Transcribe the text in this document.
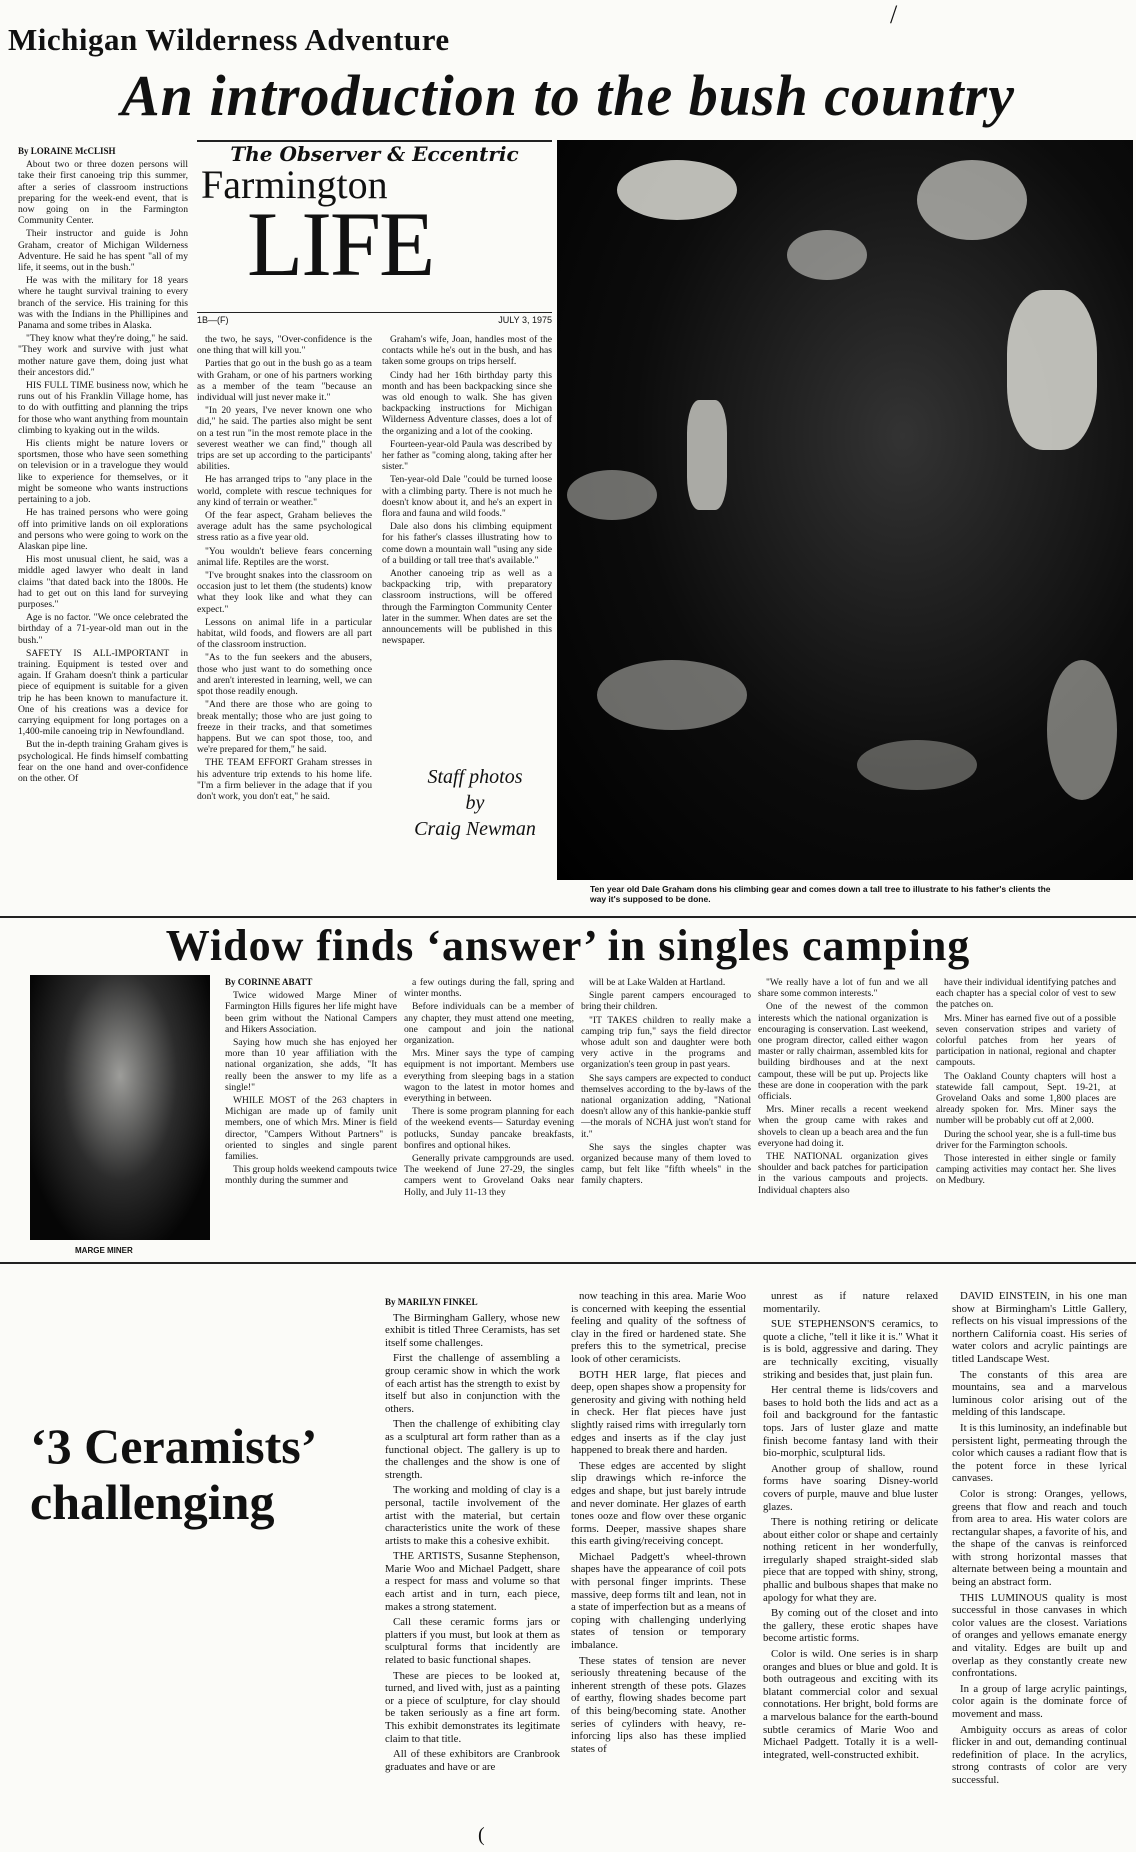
/
Michigan Wilderness Adventure
An introduction to the bush country

By LORAINE McCLISH

About two or three dozen persons will take their first canoeing trip this summer, after a series of classroom instructions preparing for the week-end event, that is now going on in the Farmington Community Center.

Their instructor and guide is John Graham, creator of Michigan Wilderness Adventure. He said he has spent "all of my life, it seems, out in the bush."

He was with the military for 18 years where he taught survival training to every branch of the service. His training for this was with the Indians in the Phillipines and Panama and some tribes in Alaska.

"They know what they're doing," he said. "They work and survive with just what mother nature gave them, doing just what their ancestors did."

HIS FULL TIME business now, which he runs out of his Franklin Village home, has to do with outfitting and planning the trips for those who want anything from mountain climbing to kyaking out in the wilds.

His clients might be nature lovers or sportsmen, those who have seen something on television or in a travelogue they would like to experience for themselves, or it might be someone who wants instructions pertaining to a job.

He has trained persons who were going off into primitive lands on oil explorations and persons who were going to work on the Alaskan pipe line.

His most unusual client, he said, was a middle aged lawyer who dealt in land claims "that dated back into the 1800s. He had to get out on this land for surveying purposes."

Age is no factor. "We once celebrated the birthday of a 71-year-old man out in the bush."

SAFETY IS ALL-IMPORTANT in training. Equipment is tested over and again. If Graham doesn't think a particular piece of equipment is suitable for a given trip he has been known to manufacture it. One of his creations was a device for carrying equipment for long portages on a 1,400-mile canoeing trip in Newfoundland.

But the in-depth training Graham gives is psychological. He finds himself combatting fear on the one hand and over-confidence on the other. Of

The Observer & Eccentric
Farmington
LIFE
1B—(F)	JULY 3, 1975

the two, he says, "Over-confidence is the one thing that will kill you."

Parties that go out in the bush go as a team with Graham, or one of his partners working as a member of the team "because an individual will just never make it."

"In 20 years, I've never known one who did," he said. The parties also might be sent on a test run "in the most remote place in the severest weather we can find," though all trips are set up according to the participants' abilities.

He has arranged trips to "any place in the world, complete with rescue techniques for any kind of terrain or weather."

Of the fear aspect, Graham believes the average adult has the same psychological stress ratio as a five year old.

"You wouldn't believe fears concerning animal life. Reptiles are the worst.

"I've brought snakes into the classroom on occasion just to let them (the students) know what they look like and what they can expect."

Lessons on animal life in a particular habitat, wild foods, and flowers are all part of the classroom instruction.

"As to the fun seekers and the abusers, those who just want to do something once and aren't interested in learning, well, we can spot those readily enough.

"And there are those who are going to break mentally; those who are just going to freeze in their tracks, and that sometimes happens. But we can spot those, too, and we're prepared for them," he said.

THE TEAM EFFORT Graham stresses in his adventure trip extends to his home life. "I'm a firm believer in the adage that if you don't work, you don't eat," he said.

Graham's wife, Joan, handles most of the contacts while he's out in the bush, and has taken some groups on trips herself.

Cindy had her 16th birthday party this month and has been backpacking since she was old enough to walk. She has given backpacking instructions for Michigan Wilderness Adventure classes, does a lot of the organizing and a lot of the cooking.

Fourteen-year-old Paula was described by her father as "coming along, taking after her sister."

Ten-year-old Dale "could be turned loose with a climbing party. There is not much he doesn't know about it, and he's an expert in flora and fauna and wild foods."

Dale also dons his climbing equipment for his father's classes illustrating how to come down a mountain wall "using any side of a building or tall tree that's available."

Another canoeing trip as well as a backpacking trip, with preparatory classroom instructions, will be offered through the Farmington Community Center later in the summer. When dates are set the announcements will be published in this newspaper.

Staff photos
by
Craig Newman
Ten year old Dale Graham dons his climbing gear and comes down a tall tree to illustrate to his father's clients the way it's supposed to be done.
Widow finds ‘answer’ in singles camping
MARGE MINER

By CORINNE ABATT

Twice widowed Marge Miner of Farmington Hills figures her life might have been grim without the National Campers and Hikers Association.

Saying how much she has enjoyed her more than 10 year affiliation with the national organization, she adds, "It has really been the answer to my life as a single!"

WHILE MOST of the 263 chapters in Michigan are made up of family unit members, one of which Mrs. Miner is field director, "Campers Without Partners" is oriented to singles and single parent families.

This group holds weekend campouts twice monthly during the summer and

a few outings during the fall, spring and winter months.

Before individuals can be a member of any chapter, they must attend one meeting, one campout and join the national organization.

Mrs. Miner says the type of camping equipment is not important. Members use everything from sleeping bags in a station wagon to the latest in motor homes and everything in between.

There is some program planning for each of the weekend events— Saturday evening potlucks, Sunday pancake breakfasts, bonfires and optional hikes.

Generally private campgrounds are used. The weekend of June 27-29, the singles campers went to Groveland Oaks near Holly, and July 11-13 they

will be at Lake Walden at Hartland.

Single parent campers encouraged to bring their children.

"IT TAKES children to really make a camping trip fun," says the field director whose adult son and daughter were both very active in the programs and organization's teen group in past years.

She says campers are expected to conduct themselves according to the by-laws of the national organization adding, "National doesn't allow any of this hankie-pankie stuff—the morals of NCHA just won't stand for it."

She says the singles chapter was organized because many of them loved to camp, but felt like "fifth wheels" in the family chapters.

"We really have a lot of fun and we all share some common interests."

One of the newest of the common interests which the national organization is encouraging is conservation. Last weekend, one program director, called either wagon master or rally chairman, assembled kits for building birdhouses and at the next campout, these will be put up. Projects like these are done in cooperation with the park officials.

Mrs. Miner recalls a recent weekend when the group came with rakes and shovels to clean up a beach area and the fun everyone had doing it.

THE NATIONAL organization gives shoulder and back patches for participation in the various campouts and projects. Individual chapters also

have their individual identifying patches and each chapter has a special color of vest to sew the patches on.

Mrs. Miner has earned five out of a possible seven conservation stripes and variety of colorful patches from her years of participation in national, regional and chapter campouts.

The Oakland County chapters will host a statewide fall campout, Sept. 19-21, at Groveland Oaks and some 1,800 places are already spoken for. Mrs. Miner says the number will be probably cut off at 2,000.

During the school year, she is a full-time bus driver for the Farmington schools.

Those interested in either single or family camping activities may contact her. She lives on Medbury.

‘3 Ceramists’
challenging

By MARILYN FINKEL

The Birmingham Gallery, whose new exhibit is titled Three Ceramists, has set itself some challenges.

First the challenge of assembling a group ceramic show in which the work of each artist has the strength to exist by itself but also in conjunction with the others.

Then the challenge of exhibiting clay as a sculptural art form rather than as a functional object. The gallery is up to the challenges and the show is one of strength.

The working and molding of clay is a personal, tactile involvement of the artist with the material, but certain characteristics unite the work of these artists to make this a cohesive exhibit.

THE ARTISTS, Susanne Stephenson, Marie Woo and Michael Padgett, share a respect for mass and volume so that each artist and in turn, each piece, makes a strong statement.

Call these ceramic forms jars or platters if you must, but look at them as sculptural forms that incidently are related to basic functional shapes.

These are pieces to be looked at, turned, and lived with, just as a painting or a piece of sculpture, for clay should be taken seriously as a fine art form. This exhibit demonstrates its legitimate claim to that title.

All of these exhibitors are Cranbrook graduates and have or are

now teaching in this area. Marie Woo is concerned with keeping the essential feeling and quality of the softness of clay in the fired or hardened state. She prefers this to the symetrical, precise look of other ceramicists.

BOTH HER large, flat pieces and deep, open shapes show a propensity for generosity and giving with nothing held in check. Her flat pieces have just slightly raised rims with irregularly torn edges and inserts as if the clay just happened to break there and harden.

These edges are accented by slight slip drawings which re-inforce the edges and shape, but just barely intrude and never dominate. Her glazes of earth tones ooze and flow over these organic forms. Deeper, massive shapes share this earth giving/receiving concept.

Michael Padgett's wheel-thrown shapes have the appearance of coil pots with personal finger imprints. These massive, deep forms tilt and lean, not in a state of imperfection but as a means of coping with challenging underlying states of tension or temporary imbalance.

These states of tension are never seriously threatening because of the inherent strength of these pots. Glazes of earthy, flowing shades become part of this being/becoming state. Another series of cylinders with heavy, re-inforcing lips also has these implied states of

unrest as if nature relaxed momentarily.

SUE STEPHENSON'S ceramics, to quote a cliche, "tell it like it is." What it is is bold, aggressive and daring. They are technically exciting, visually striking and besides that, just plain fun.

Her central theme is lids/covers and bases to hold both the lids and act as a foil and background for the fantastic tops. Jars of luster glaze and matte finish become fantasy land with their bio-morphic, sculptural lids.

Another group of shallow, round forms have soaring Disney-world covers of purple, mauve and blue luster glazes.

There is nothing retiring or delicate about either color or shape and certainly nothing reticent in her wonderfully, irregularly shaped straight-sided slab piece that are topped with shiny, strong, phallic and bulbous shapes that make no apology for what they are.

By coming out of the closet and into the gallery, these erotic shapes have become artistic forms.

Color is wild. One series is in sharp oranges and blues or blue and gold. It is both outrageous and exciting with its blatant commercial color and sexual connotations. Her bright, bold forms are a marvelous balance for the earth-bound subtle ceramics of Marie Woo and Michael Padgett. Totally it is a well-integrated, well-constructed exhibit.

DAVID EINSTEIN, in his one man show at Birmingham's Little Gallery, reflects on his visual impressions of the northern California coast. His series of water colors and acrylic paintings are titled Landscape West.

The constants of this area are mountains, sea and a marvelous luminous color arising out of the melding of this landscape.

It is this luminosity, an indefinable but persistent light, permeating through the color which causes a radiant flow that is the potent force in these lyrical canvases.

Color is strong: Oranges, yellows, greens that flow and reach and touch from area to area. His water colors are rectangular shapes, a favorite of his, and the shape of the canvas is reinforced with strong horizontal masses that alternate between being a mountain and being an abstract form.

THIS LUMINOUS quality is most successful in those canvases in which color values are the closest. Variations of oranges and yellows emanate energy and vitality. Edges are built up and overlap as they constantly create new confrontations.

In a group of large acrylic paintings, color again is the dominate force of movement and mass.

Ambiguity occurs as areas of color flicker in and out, demanding continual redefinition of place. In the acrylics, strong contrasts of color are very successful.

(
